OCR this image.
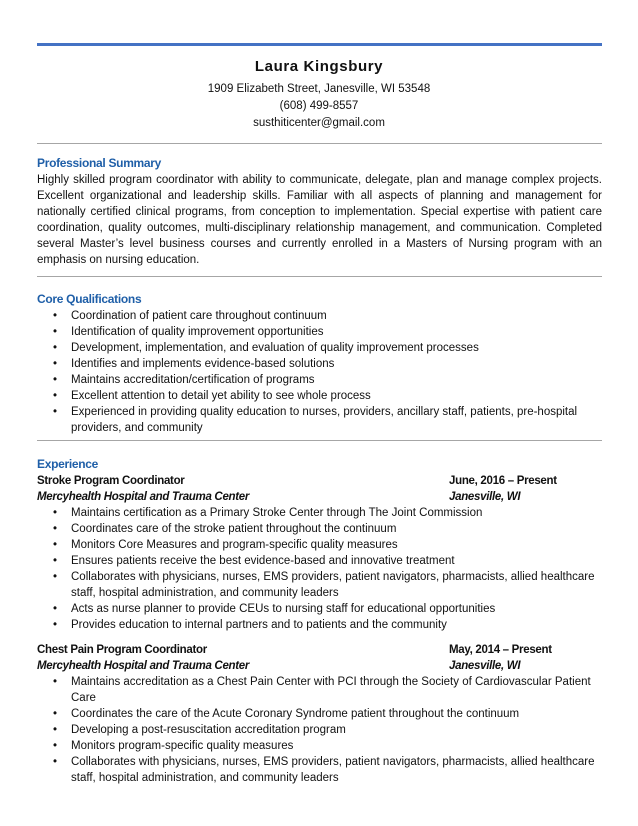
Laura Kingsbury
1909 Elizabeth Street, Janesville, WI 53548
(608) 499-8557
susthiticenter@gmail.com
Professional Summary
Highly skilled program coordinator with ability to communicate, delegate, plan and manage complex projects. Excellent organizational and leadership skills. Familiar with all aspects of planning and management for nationally certified clinical programs, from conception to implementation. Special expertise with patient care coordination, quality outcomes, multi-disciplinary relationship management, and communication. Completed several Master’s level business courses and currently enrolled in a Masters of Nursing program with an emphasis on nursing education.
Core Qualifications
• Coordination of patient care throughout continuum
• Identification of quality improvement opportunities
• Development, implementation, and evaluation of quality improvement processes
• Identifies and implements evidence-based solutions
• Maintains accreditation/certification of programs
• Excellent attention to detail yet ability to see whole process
• Experienced in providing quality education to nurses, providers, ancillary staff, patients, pre-hospital providers, and community
Experience
Stroke Program Coordinator	June, 2016 – Present
Mercyhealth Hospital and Trauma Center	Janesville, WI
• Maintains certification as a Primary Stroke Center through The Joint Commission
• Coordinates care of the stroke patient throughout the continuum
• Monitors Core Measures and program-specific quality measures
• Ensures patients receive the best evidence-based and innovative treatment
• Collaborates with physicians, nurses, EMS providers, patient navigators, pharmacists, allied healthcare staff, hospital administration, and community leaders
• Acts as nurse planner to provide CEUs to nursing staff for educational opportunities
• Provides education to internal partners and to patients and the community
Chest Pain Program Coordinator	May, 2014 – Present
Mercyhealth Hospital and Trauma Center	Janesville, WI
• Maintains accreditation as a Chest Pain Center with PCI through the Society of Cardiovascular Patient Care
• Coordinates the care of the Acute Coronary Syndrome patient throughout the continuum
• Developing a post-resuscitation accreditation program
• Monitors program-specific quality measures
• Collaborates with physicians, nurses, EMS providers, patient navigators, pharmacists, allied healthcare staff, hospital administration, and community leaders
